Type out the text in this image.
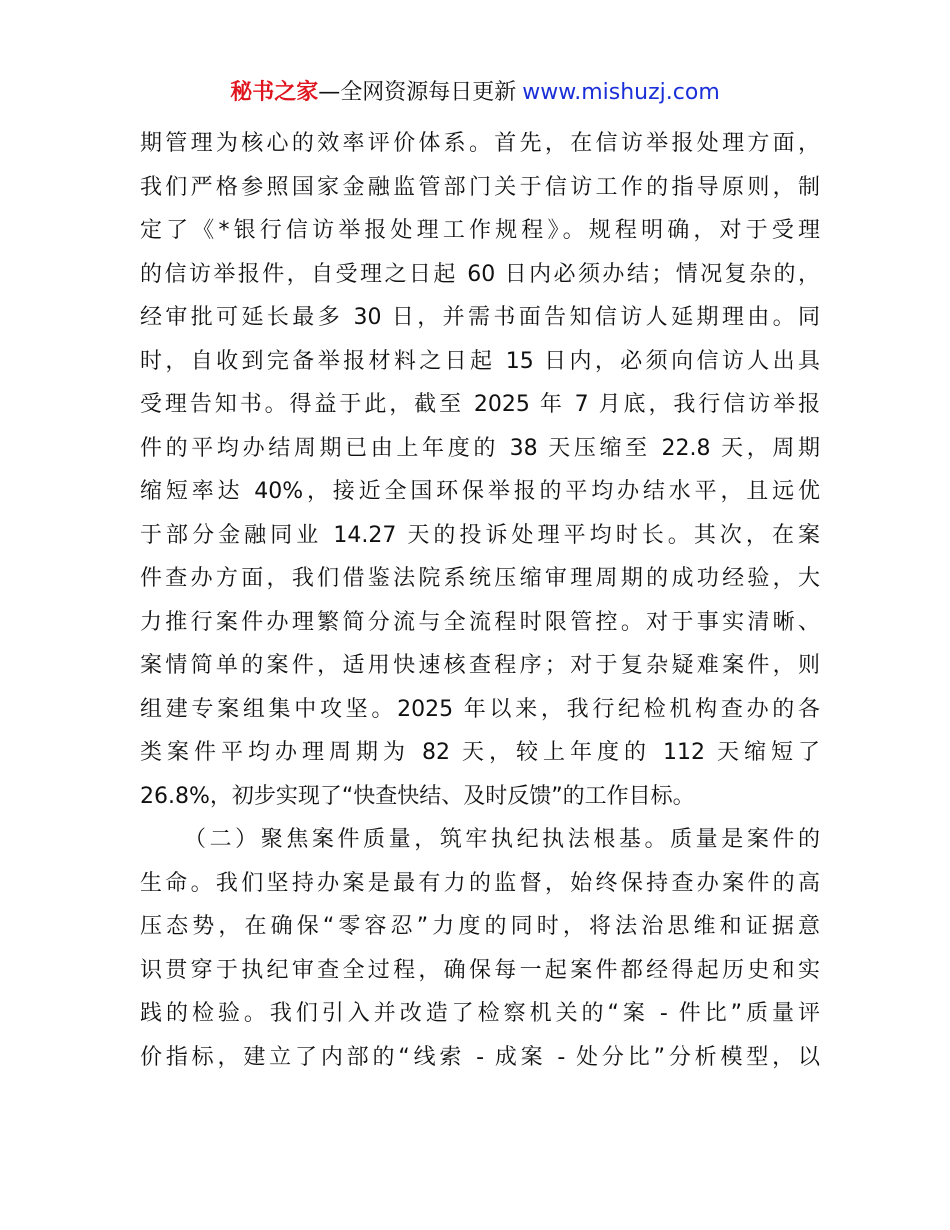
秘书之家—全网资源每日更新 www.mishuzj.com
期管理为核心的效率评价体系。首先，在信访举报处理方面，
我们严格参照国家金融监管部门关于信访工作的指导原则，制
定了《*银行信访举报处理工作规程》。规程明确，对于受理
的信访举报件，自受理之日起 60 日内必须办结；情况复杂的，
经审批可延长最多 30 日，并需书面告知信访人延期理由。同
时，自收到完备举报材料之日起 15 日内，必须向信访人出具
受理告知书。得益于此，截至 2025 年 7 月底，我行信访举报
件的平均办结周期已由上年度的 38 天压缩至 22.8 天，周期
缩短率达 40%，接近全国环保举报的平均办结水平，且远优
于部分金融同业 14.27 天的投诉处理平均时长。其次，在案
件查办方面，我们借鉴法院系统压缩审理周期的成功经验，大
力推行案件办理繁简分流与全流程时限管控。对于事实清晰、
案情简单的案件，适用快速核查程序；对于复杂疑难案件，则
组建专案组集中攻坚。2025 年以来，我行纪检机构查办的各
类案件平均办理周期为 82 天，较上年度的 112 天缩短了
26.8%，初步实现了“快查快结、及时反馈”的工作目标。
（二）聚焦案件质量，筑牢执纪执法根基。质量是案件的
生命。我们坚持办案是最有力的监督，始终保持查办案件的高
压态势，在确保“零容忍”力度的同时，将法治思维和证据意
识贯穿于执纪审查全过程，确保每一起案件都经得起历史和实
践的检验。我们引入并改造了检察机关的“案 - 件比”质量评
价指标，建立了内部的“线索 - 成案 - 处分比”分析模型，以
